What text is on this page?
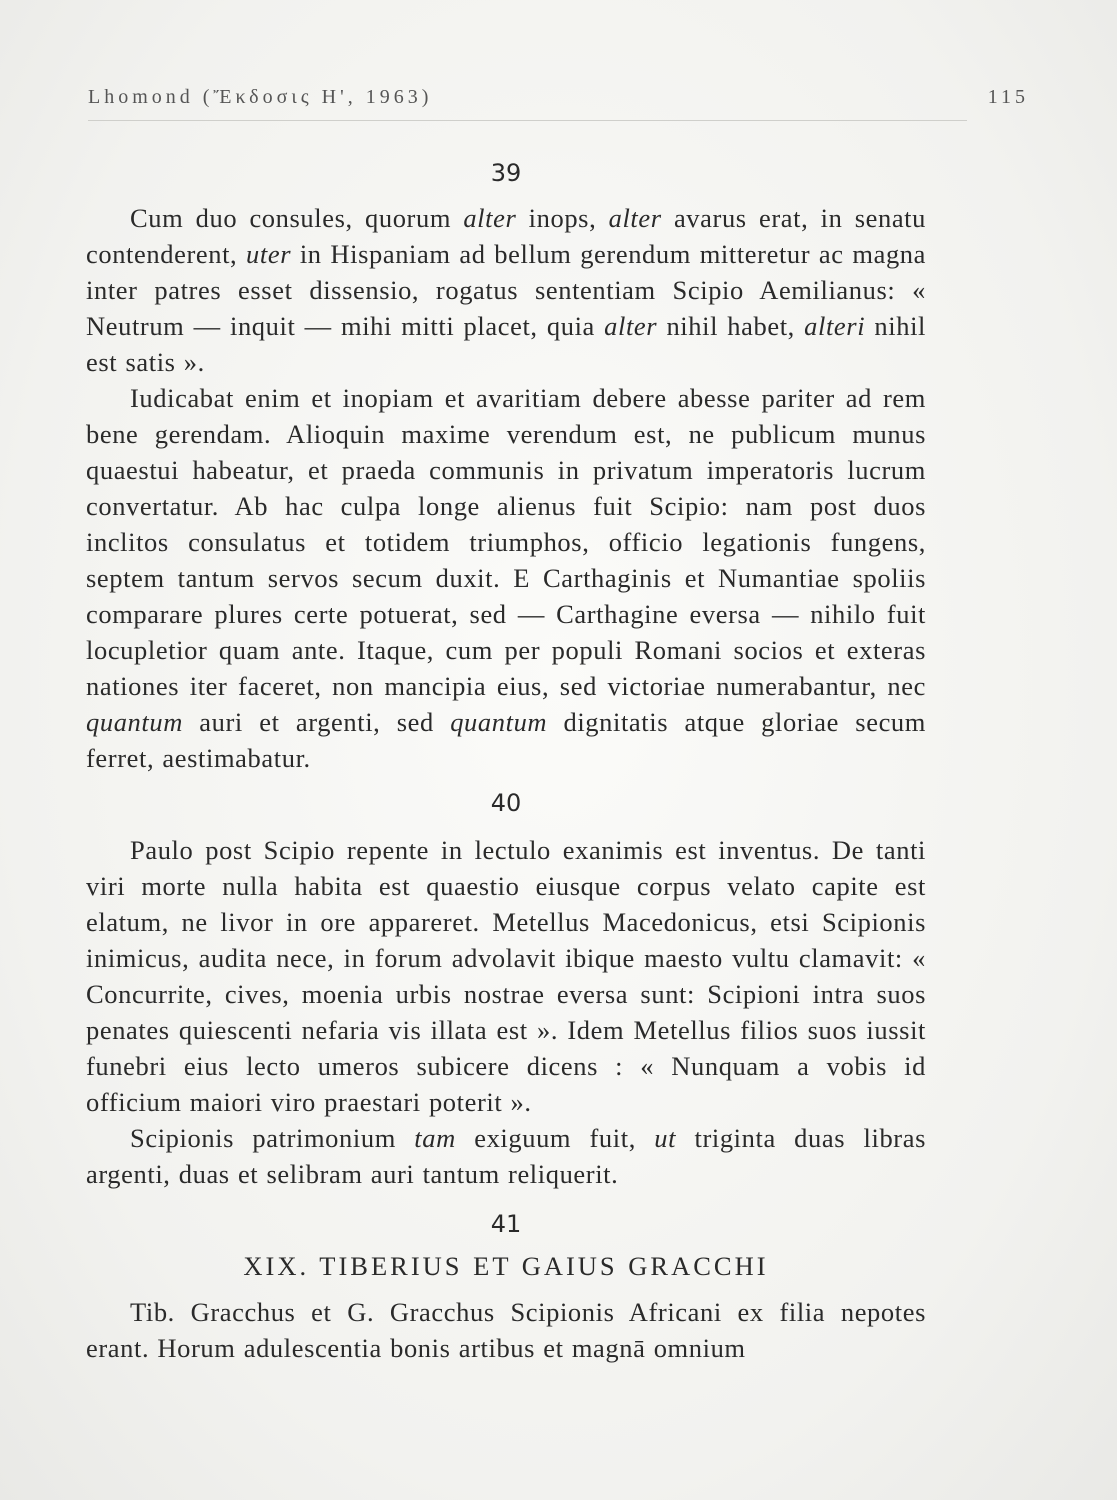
Lhomond (Ἔκδοσις Η', 1963)	115
39

Cum duo consules, quorum alter inops, alter avarus erat, in senatu contenderent, uter in Hispaniam ad bellum gerendum mitteretur ac magna inter patres esset dissensio, rogatus sententiam Scipio Aemilianus: « Neutrum — inquit — mihi mitti placet, quia alter nihil habet, alteri nihil est satis ».

Iudicabat enim et inopiam et avaritiam debere abesse pariter ad rem bene gerendam. Alioquin maxime verendum est, ne publicum munus quaestui habeatur, et praeda communis in privatum imperatoris lucrum convertatur. Ab hac culpa longe alienus fuit Scipio: nam post duos inclitos consulatus et totidem triumphos, officio legationis fungens, septem tantum servos secum duxit. E Carthaginis et Numantiae spoliis comparare plures certe potuerat, sed — Carthagine eversa — nihilo fuit locupletior quam ante. Itaque, cum per populi Romani socios et exteras nationes iter faceret, non mancipia eius, sed victoriae numerabantur, nec quantum auri et argenti, sed quantum dignitatis atque gloriae secum ferret, aestimabatur.

40

Paulo post Scipio repente in lectulo exanimis est inventus. De tanti viri morte nulla habita est quaestio eiusque corpus velato capite est elatum, ne livor in ore appareret. Metellus Macedonicus, etsi Scipionis inimicus, audita nece, in forum advolavit ibique maesto vultu clamavit: « Concurrite, cives, moenia urbis nostrae eversa sunt: Scipioni intra suos penates quiescenti nefaria vis illata est ». Idem Metellus filios suos iussit funebri eius lecto umeros subicere dicens : « Nunquam a vobis id officium maiori viro praestari poterit ».

Scipionis patrimonium tam exiguum fuit, ut triginta duas libras argenti, duas et selibram auri tantum reliquerit.

41
XIX. TIBERIUS ET GAIUS GRACCHI

Tib. Gracchus et G. Gracchus Scipionis Africani ex filia nepotes erant. Horum adulescentia bonis artibus et magnā omnium
